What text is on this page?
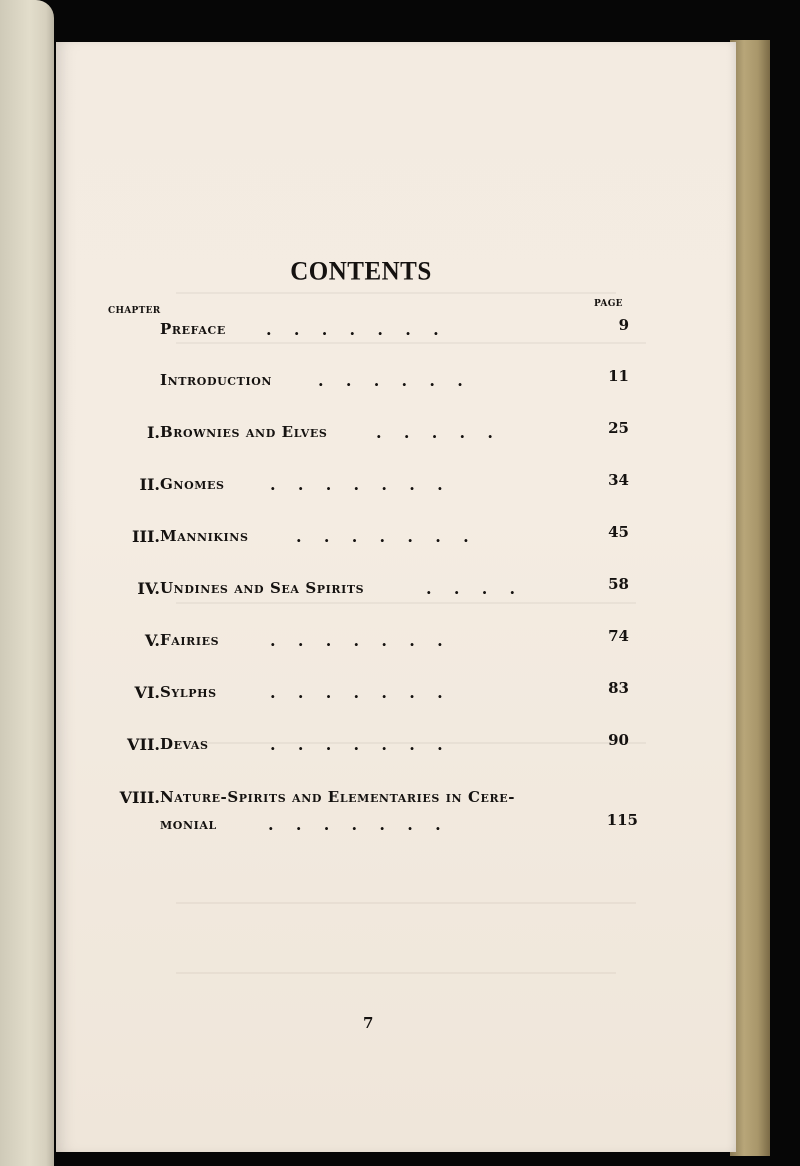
CONTENTS
CHAPTER
PAGE
Preface	.    .    .    .    .    .    .	9
Introduction	.    .    .    .    .    .	11
I. Brownies and Elves	.    .    .    .    .	25
II. Gnomes	.    .    .    .    .    .    .	34
III. Mannikins	.    .    .    .    .    .    .	45
IV. Undines and Sea Spirits	.    .    .    .	58
V. Fairies	.    .    .    .    .    .    .	74
VI. Sylphs	.    .    .    .    .    .    .	83
VII. Devas	.    .    .    .    .    .    .	90
VIII. Nature-Spirits and Elementaries in Cere-
monial	.    .    .    .    .    .    .	115
7
